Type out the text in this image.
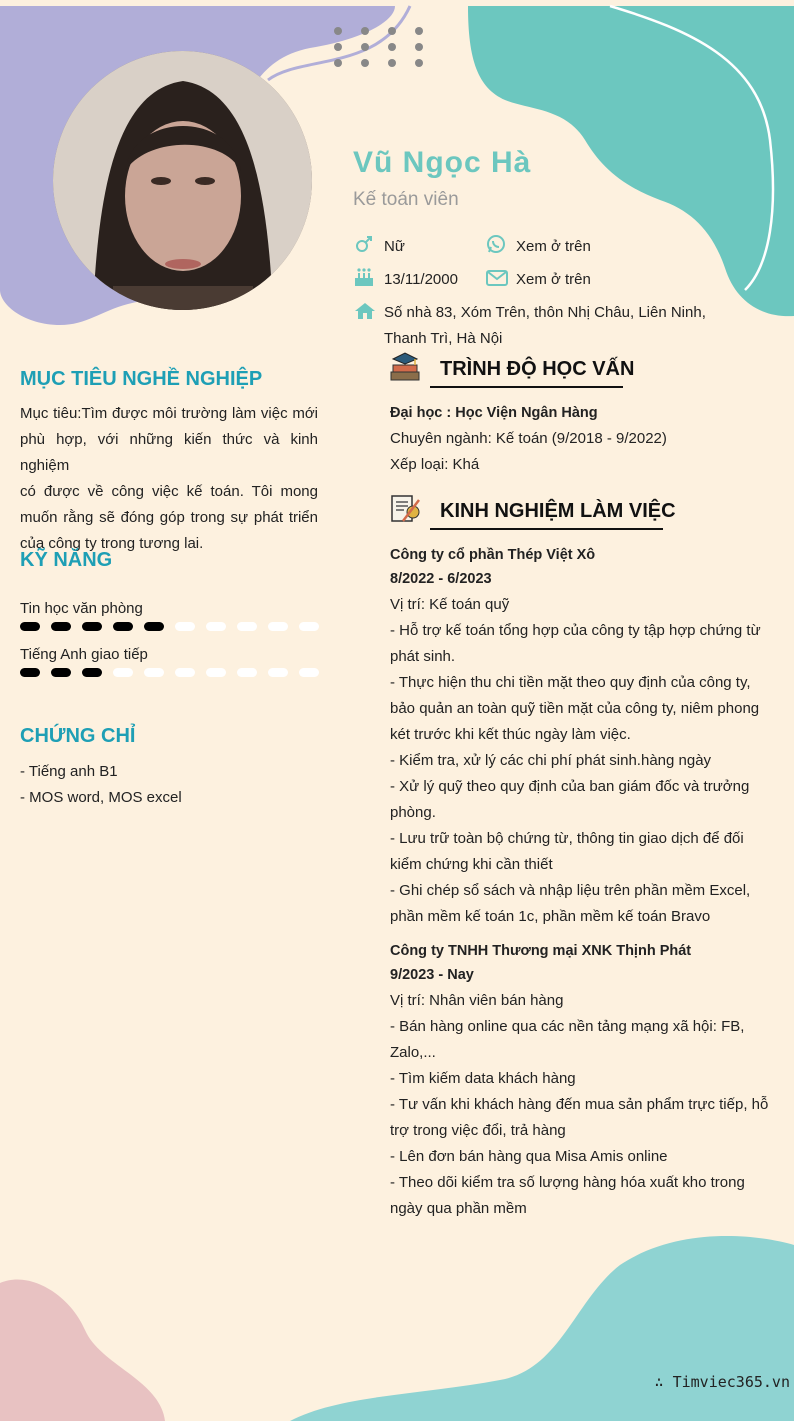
Vũ Ngọc Hà
Kế toán viên
Nữ	Xem ở trên
13/11/2000	Xem ở trên
Số nhà 83, Xóm Trên, thôn Nhị Châu, Liên Ninh,
Thanh Trì, Hà Nội
MỤC TIÊU NGHỀ NGHIỆP
Mục tiêu:Tìm được môi trường làm việc mới
phù hợp, với những kiến thức và kinh nghiệm
có được về công việc kế toán. Tôi mong
muốn rằng sẽ đóng góp trong sự phát triển
của công ty trong tương lai.
KỸ NĂNG
Tin học văn phòng
Tiếng Anh giao tiếp
CHỨNG CHỈ
- Tiếng anh B1
- MOS word, MOS excel
TRÌNH ĐỘ HỌC VẤN
Đại học : Học Viện Ngân Hàng
Chuyên ngành: Kế toán (9/2018 - 9/2022)
Xếp loại: Khá
KINH NGHIỆM LÀM VIỆC
Công ty cổ phần Thép Việt Xô
8/2022 - 6/2023
Vị trí: Kế toán quỹ
- Hỗ trợ kế toán tổng hợp của công ty tập hợp chứng từ
phát sinh.
- Thực hiện thu chi tiền mặt theo quy định của công ty,
bảo quản an toàn quỹ tiền mặt của công ty, niêm phong
két trước khi kết thúc ngày làm việc.
- Kiểm tra, xử lý các chi phí phát sinh.hàng ngày
- Xử lý quỹ theo quy định của ban giám đốc và trưởng
phòng.
- Lưu trữ toàn bộ chứng từ, thông tin giao dịch để đối
kiểm chứng khi cần thiết
- Ghi chép sổ sách và nhập liệu trên phần mềm Excel,
phần mềm kế toán 1c, phần mềm kế toán Bravo
Công ty TNHH Thương mại XNK Thịnh Phát
9/2023 - Nay
Vị trí: Nhân viên bán hàng
- Bán hàng online qua các nền tảng mạng xã hội: FB,
Zalo,...
- Tìm kiếm data khách hàng
- Tư vấn khi khách hàng đến mua sản phẩm trực tiếp, hỗ
trợ trong việc đổi, trả hàng
- Lên đơn bán hàng qua Misa Amis online
- Theo dõi kiểm tra số lượng hàng hóa xuất kho trong
ngày qua phần mềm
∴ Timviec365.vn
